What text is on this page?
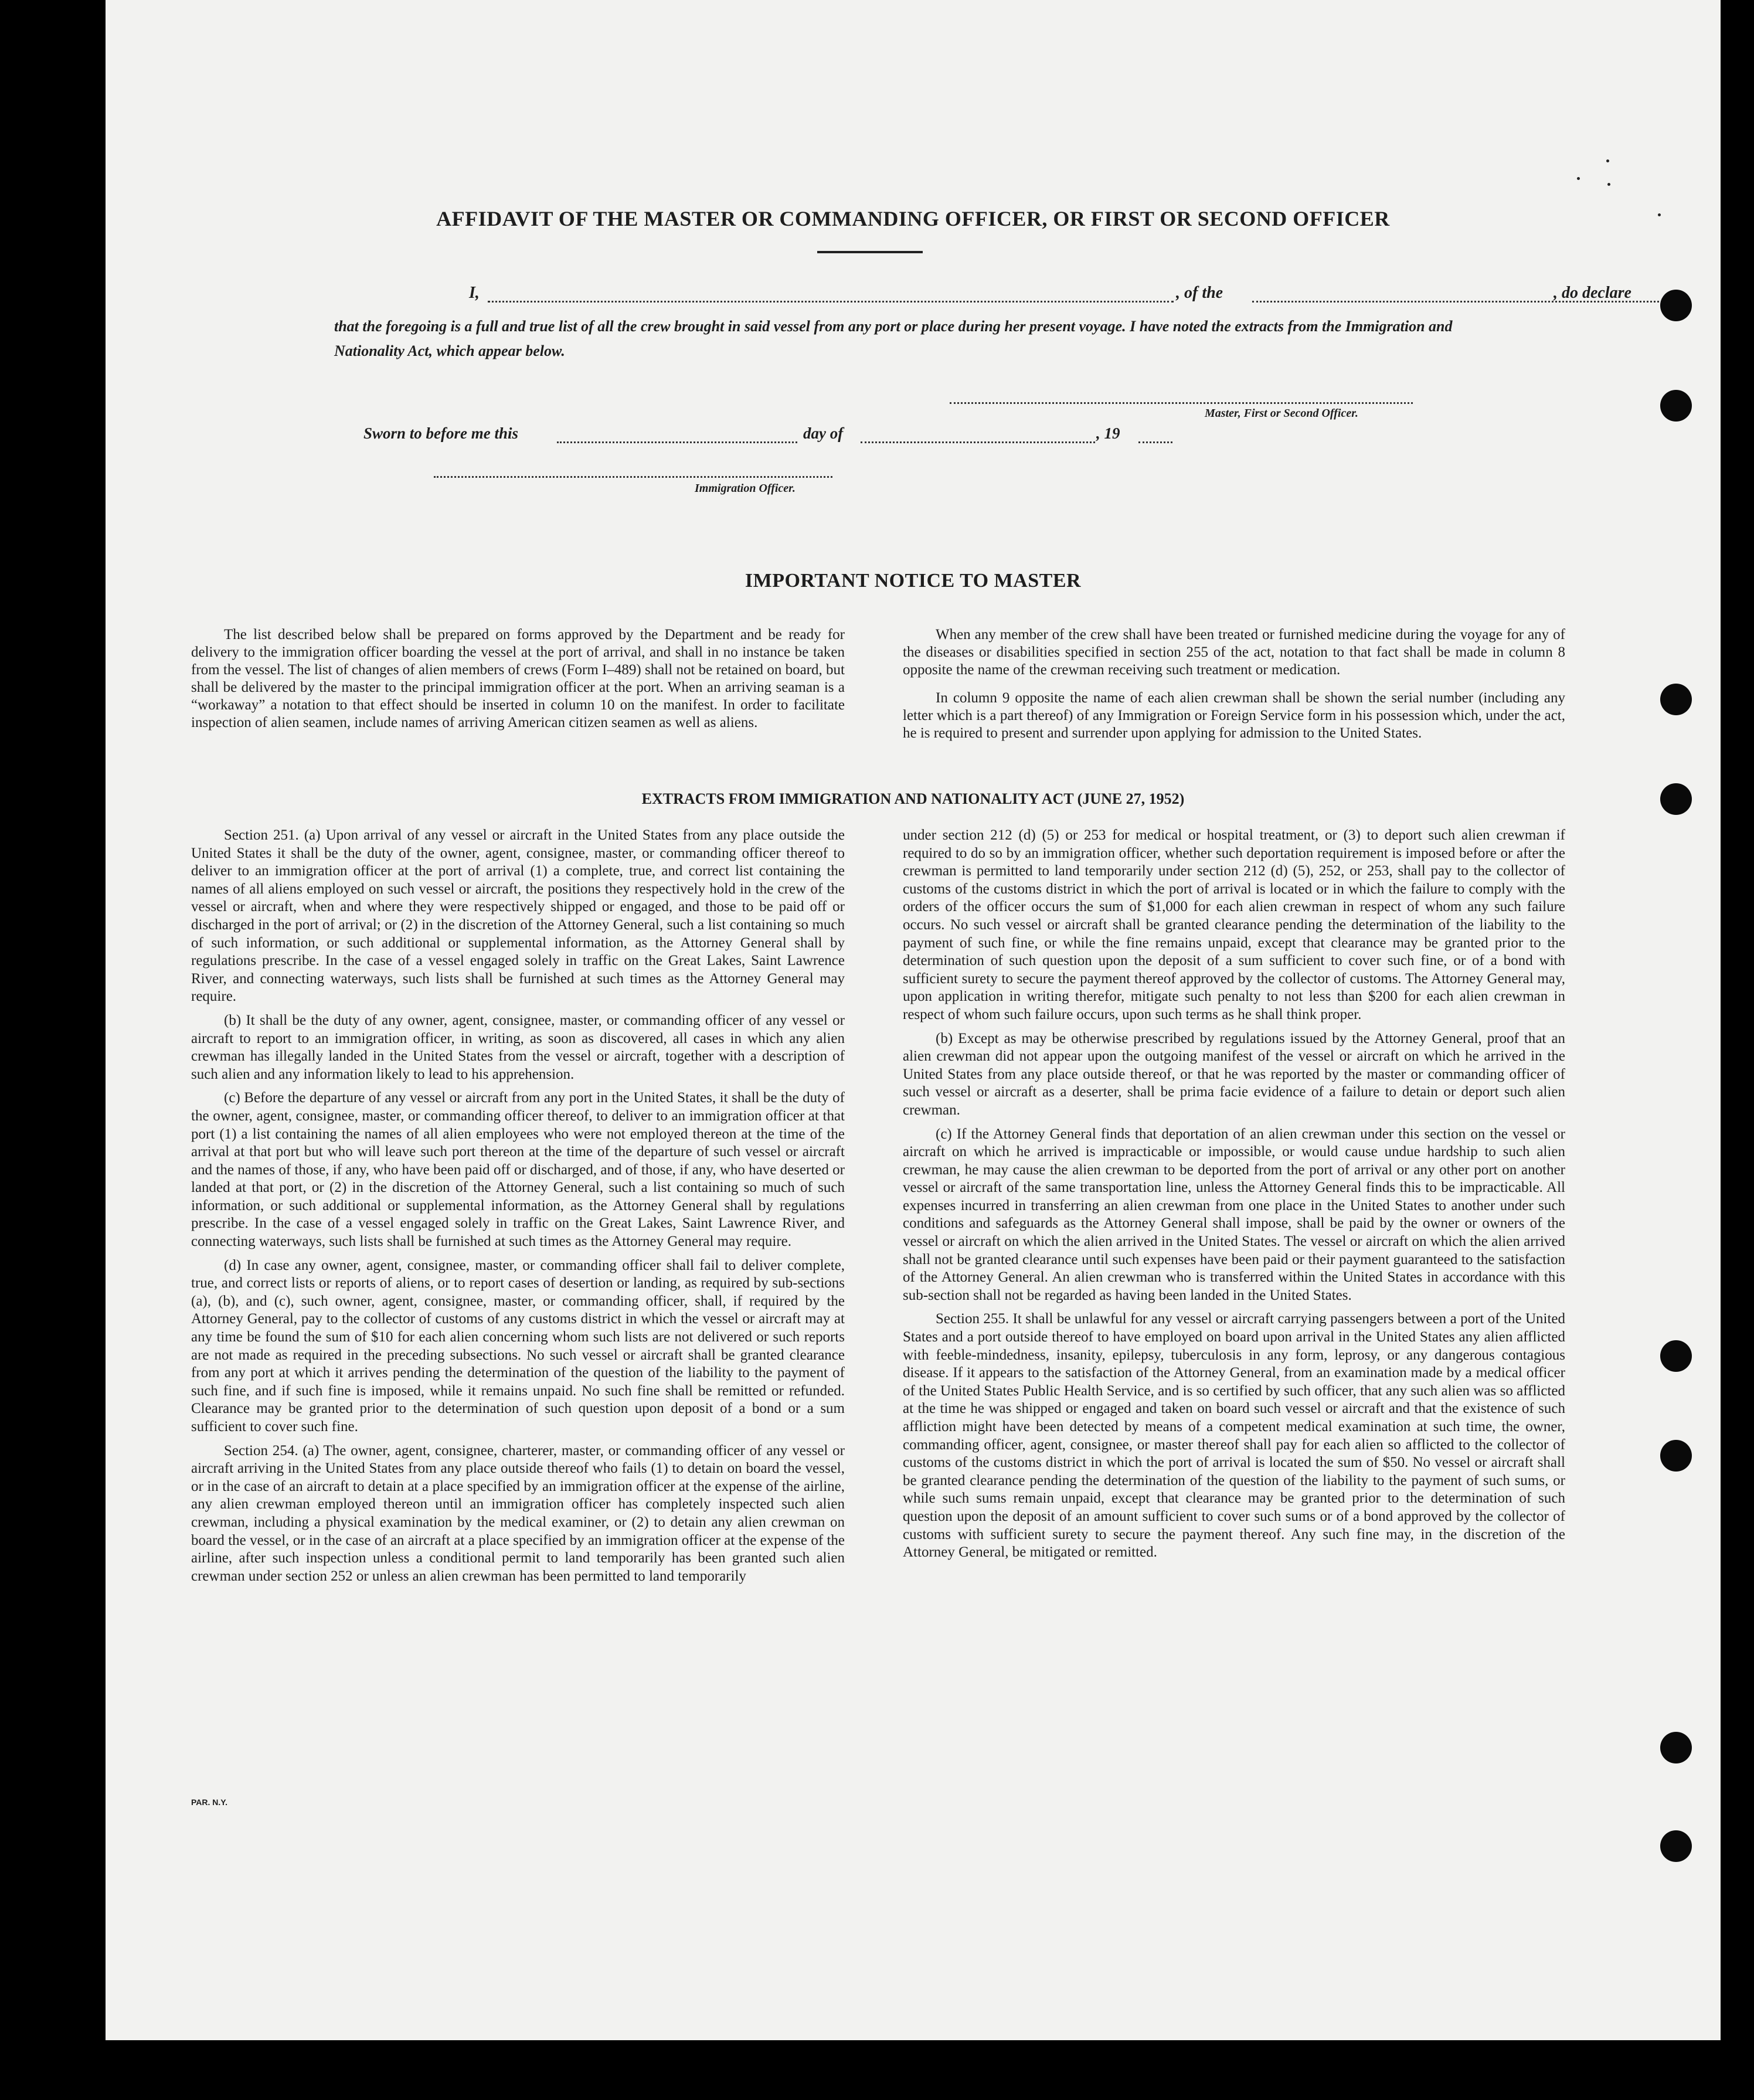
AFFIDAVIT OF THE MASTER OR COMMANDING OFFICER, OR FIRST OR SECOND OFFICER
I,	, of the	, do declare
that the foregoing is a full and true list of all the crew brought in said vessel from any port or place during her present voyage. I have noted the extracts from the Immigration and Nationality Act, which appear below.
Master, First or Second Officer.
Sworn to before me this	day of	, 19
Immigration Officer.
IMPORTANT NOTICE TO MASTER

The list described below shall be prepared on forms approved by the Department and be ready for delivery to the immigration officer boarding the vessel at the port of arrival, and shall in no instance be taken from the vessel. The list of changes of alien members of crews (Form I–489) shall not be retained on board, but shall be delivered by the master to the principal immigration officer at the port. When an arriving seaman is a “workaway” a notation to that effect should be inserted in column 10 on the manifest. In order to facilitate inspection of alien seamen, include names of arriving American citizen seamen as well as aliens.

When any member of the crew shall have been treated or furnished medicine during the voyage for any of the diseases or disabilities specified in section 255 of the act, notation to that fact shall be made in column 8 opposite the name of the crewman receiving such treatment or medication.

In column 9 opposite the name of each alien crewman shall be shown the serial number (including any letter which is a part thereof) of any Immigration or Foreign Service form in his possession which, under the act, he is required to present and surrender upon applying for admission to the United States.

EXTRACTS FROM IMMIGRATION AND NATIONALITY ACT (JUNE 27, 1952)

Section 251. (a) Upon arrival of any vessel or aircraft in the United States from any place outside the United States it shall be the duty of the owner, agent, consignee, master, or commanding officer thereof to deliver to an immigration officer at the port of arrival (1) a complete, true, and correct list containing the names of all aliens employed on such vessel or aircraft, the positions they respectively hold in the crew of the vessel or aircraft, when and where they were respectively shipped or engaged, and those to be paid off or discharged in the port of arrival; or (2) in the discretion of the Attorney General, such a list containing so much of such information, or such additional or supplemental information, as the Attorney General shall by regulations prescribe. In the case of a vessel engaged solely in traffic on the Great Lakes, Saint Lawrence River, and connecting waterways, such lists shall be furnished at such times as the Attorney General may require.

(b) It shall be the duty of any owner, agent, consignee, master, or commanding officer of any vessel or aircraft to report to an immigration officer, in writing, as soon as discovered, all cases in which any alien crewman has illegally landed in the United States from the vessel or aircraft, together with a description of such alien and any information likely to lead to his apprehension.

(c) Before the departure of any vessel or aircraft from any port in the United States, it shall be the duty of the owner, agent, consignee, master, or commanding officer thereof, to deliver to an immigration officer at that port (1) a list containing the names of all alien employees who were not employed thereon at the time of the arrival at that port but who will leave such port thereon at the time of the departure of such vessel or aircraft and the names of those, if any, who have been paid off or discharged, and of those, if any, who have deserted or landed at that port, or (2) in the discretion of the Attorney General, such a list containing so much of such information, or such additional or supplemental information, as the Attorney General shall by regulations prescribe. In the case of a vessel engaged solely in traffic on the Great Lakes, Saint Lawrence River, and connecting waterways, such lists shall be furnished at such times as the Attorney General may require.

(d) In case any owner, agent, consignee, master, or commanding officer shall fail to deliver complete, true, and correct lists or reports of aliens, or to report cases of desertion or landing, as required by sub-sections (a), (b), and (c), such owner, agent, consignee, master, or commanding officer, shall, if required by the Attorney General, pay to the collector of customs of any customs district in which the vessel or aircraft may at any time be found the sum of $10 for each alien concerning whom such lists are not delivered or such reports are not made as required in the preceding subsections. No such vessel or aircraft shall be granted clearance from any port at which it arrives pending the determination of the question of the liability to the payment of such fine, and if such fine is imposed, while it remains unpaid. No such fine shall be remitted or refunded. Clearance may be granted prior to the determination of such question upon deposit of a bond or a sum sufficient to cover such fine.

Section 254. (a) The owner, agent, consignee, charterer, master, or commanding officer of any vessel or aircraft arriving in the United States from any place outside thereof who fails (1) to detain on board the vessel, or in the case of an aircraft to detain at a place specified by an immigration officer at the expense of the airline, any alien crewman employed thereon until an immigration officer has completely inspected such alien crewman, including a physical examination by the medical examiner, or (2) to detain any alien crewman on board the vessel, or in the case of an aircraft at a place specified by an immigration officer at the expense of the airline, after such inspection unless a conditional permit to land temporarily has been granted such alien crewman under section 252 or unless an alien crewman has been permitted to land temporarily

under section 212 (d) (5) or 253 for medical or hospital treatment, or (3) to deport such alien crewman if required to do so by an immigration officer, whether such deportation requirement is imposed before or after the crewman is permitted to land temporarily under section 212 (d) (5), 252, or 253, shall pay to the collector of customs of the customs district in which the port of arrival is located or in which the failure to comply with the orders of the officer occurs the sum of $1,000 for each alien crewman in respect of whom any such failure occurs. No such vessel or aircraft shall be granted clearance pending the determination of the liability to the payment of such fine, or while the fine remains unpaid, except that clearance may be granted prior to the determination of such question upon the deposit of a sum sufficient to cover such fine, or of a bond with sufficient surety to secure the payment thereof approved by the collector of customs. The Attorney General may, upon application in writing therefor, mitigate such penalty to not less than $200 for each alien crewman in respect of whom such failure occurs, upon such terms as he shall think proper.

(b) Except as may be otherwise prescribed by regulations issued by the Attorney General, proof that an alien crewman did not appear upon the outgoing manifest of the vessel or aircraft on which he arrived in the United States from any place outside thereof, or that he was reported by the master or commanding officer of such vessel or aircraft as a deserter, shall be prima facie evidence of a failure to detain or deport such alien crewman.

(c) If the Attorney General finds that deportation of an alien crewman under this section on the vessel or aircraft on which he arrived is impracticable or impossible, or would cause undue hardship to such alien crewman, he may cause the alien crewman to be deported from the port of arrival or any other port on another vessel or aircraft of the same transportation line, unless the Attorney General finds this to be impracticable. All expenses incurred in transferring an alien crewman from one place in the United States to another under such conditions and safeguards as the Attorney General shall impose, shall be paid by the owner or owners of the vessel or aircraft on which the alien arrived in the United States. The vessel or aircraft on which the alien arrived shall not be granted clearance until such expenses have been paid or their payment guaranteed to the satisfaction of the Attorney General. An alien crewman who is transferred within the United States in accordance with this sub-section shall not be regarded as having been landed in the United States.

Section 255. It shall be unlawful for any vessel or aircraft carrying passengers between a port of the United States and a port outside thereof to have employed on board upon arrival in the United States any alien afflicted with feeble-mindedness, insanity, epilepsy, tuberculosis in any form, leprosy, or any dangerous contagious disease. If it appears to the satisfaction of the Attorney General, from an examination made by a medical officer of the United States Public Health Service, and is so certified by such officer, that any such alien was so afflicted at the time he was shipped or engaged and taken on board such vessel or aircraft and that the existence of such affliction might have been detected by means of a competent medical examination at such time, the owner, commanding officer, agent, consignee, or master thereof shall pay for each alien so afflicted to the collector of customs of the customs district in which the port of arrival is located the sum of $50. No vessel or aircraft shall be granted clearance pending the determination of the question of the liability to the payment of such sums, or while such sums remain unpaid, except that clearance may be granted prior to the determination of such question upon the deposit of an amount sufficient to cover such sums or of a bond approved by the collector of customs with sufficient surety to secure the payment thereof. Any such fine may, in the discretion of the Attorney General, be mitigated or remitted.

PAR. N.Y.
